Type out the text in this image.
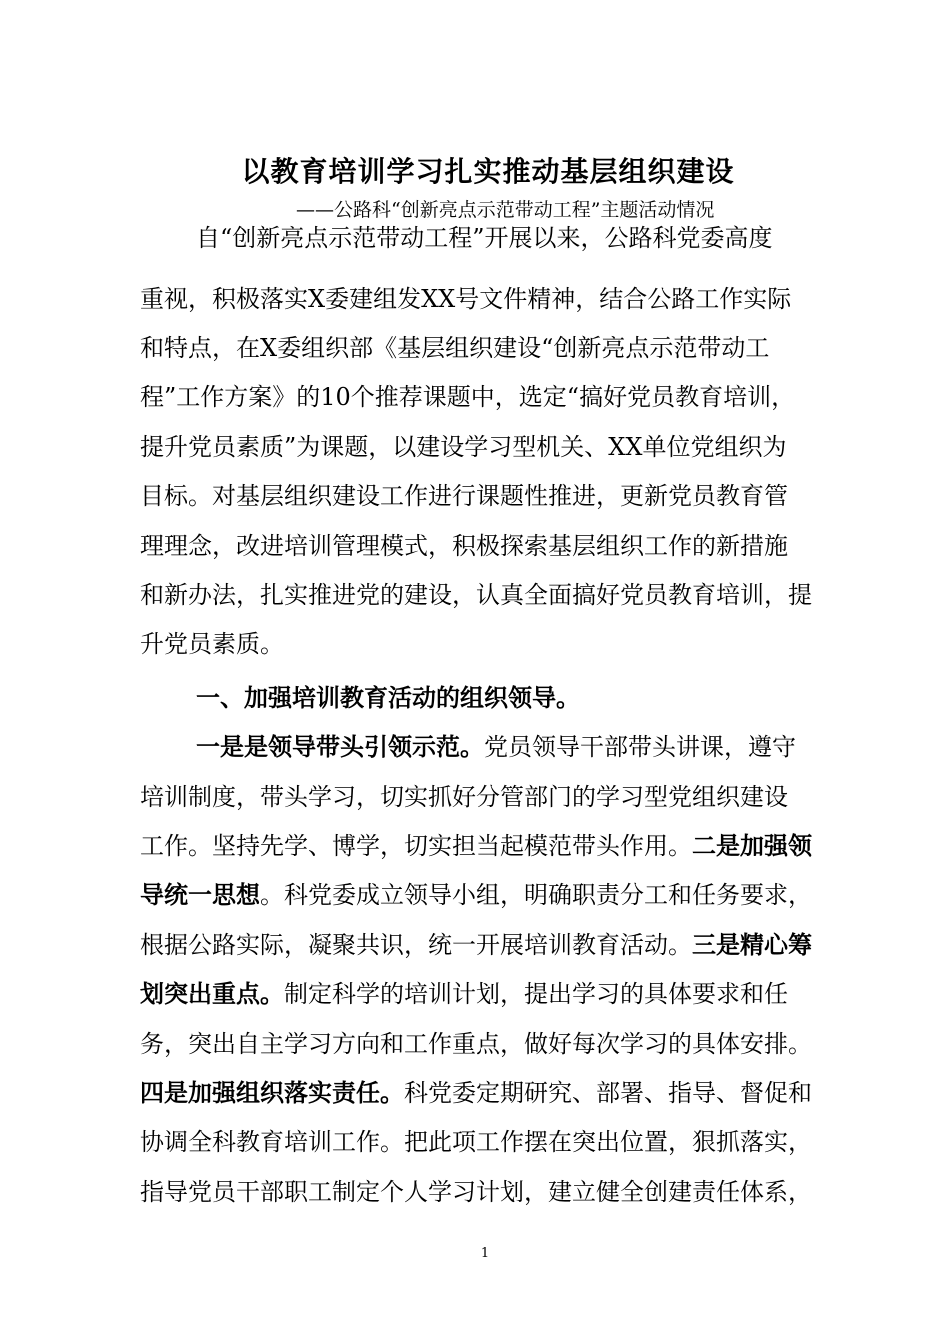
以教育培训学习扎实推动基层组织建设
——公路科“创新亮点示范带动工程”主题活动情况
自“创新亮点示范带动工程”开展以来，公路科党委高度
重视，积极落实X委建组发XX号文件精神，结合公路工作实际
和特点，在X委组织部《基层组织建设“创新亮点示范带动工
程”工作方案》的10个推荐课题中，选定“搞好党员教育培训，
提升党员素质”为课题，以建设学习型机关、XX单位党组织为
目标。对基层组织建设工作进行课题性推进，更新党员教育管
理理念，改进培训管理模式，积极探索基层组织工作的新措施
和新办法，扎实推进党的建设，认真全面搞好党员教育培训，提
升党员素质。
一、加强培训教育活动的组织领导。
一是是领导带头引领示范。 党员领导干部带头讲课，遵守
培训制度，带头学习，切实抓好分管部门的学习型党组织建设
工作。坚持先学、博学，切实担当起模范带头作用。 二是加强领
导统一思想 。科党委成立领导小组，明确职责分工和任务要求，
根据公路实际，凝聚共识，统一开展培训教育活动。 三是精心筹
划突出重点。 制定科学的培训计划，提出学习的具体要求和任
务，突出自主学习方向和工作重点，做好每次学习的具体安排。
四是加强组织落实责任。 科党委定期研究、部署、指导、督促和
协调全科教育培训工作。把此项工作摆在突出位置，狠抓落实，
指导党员干部职工制定个人学习计划，建立健全创建责任体系，
1
